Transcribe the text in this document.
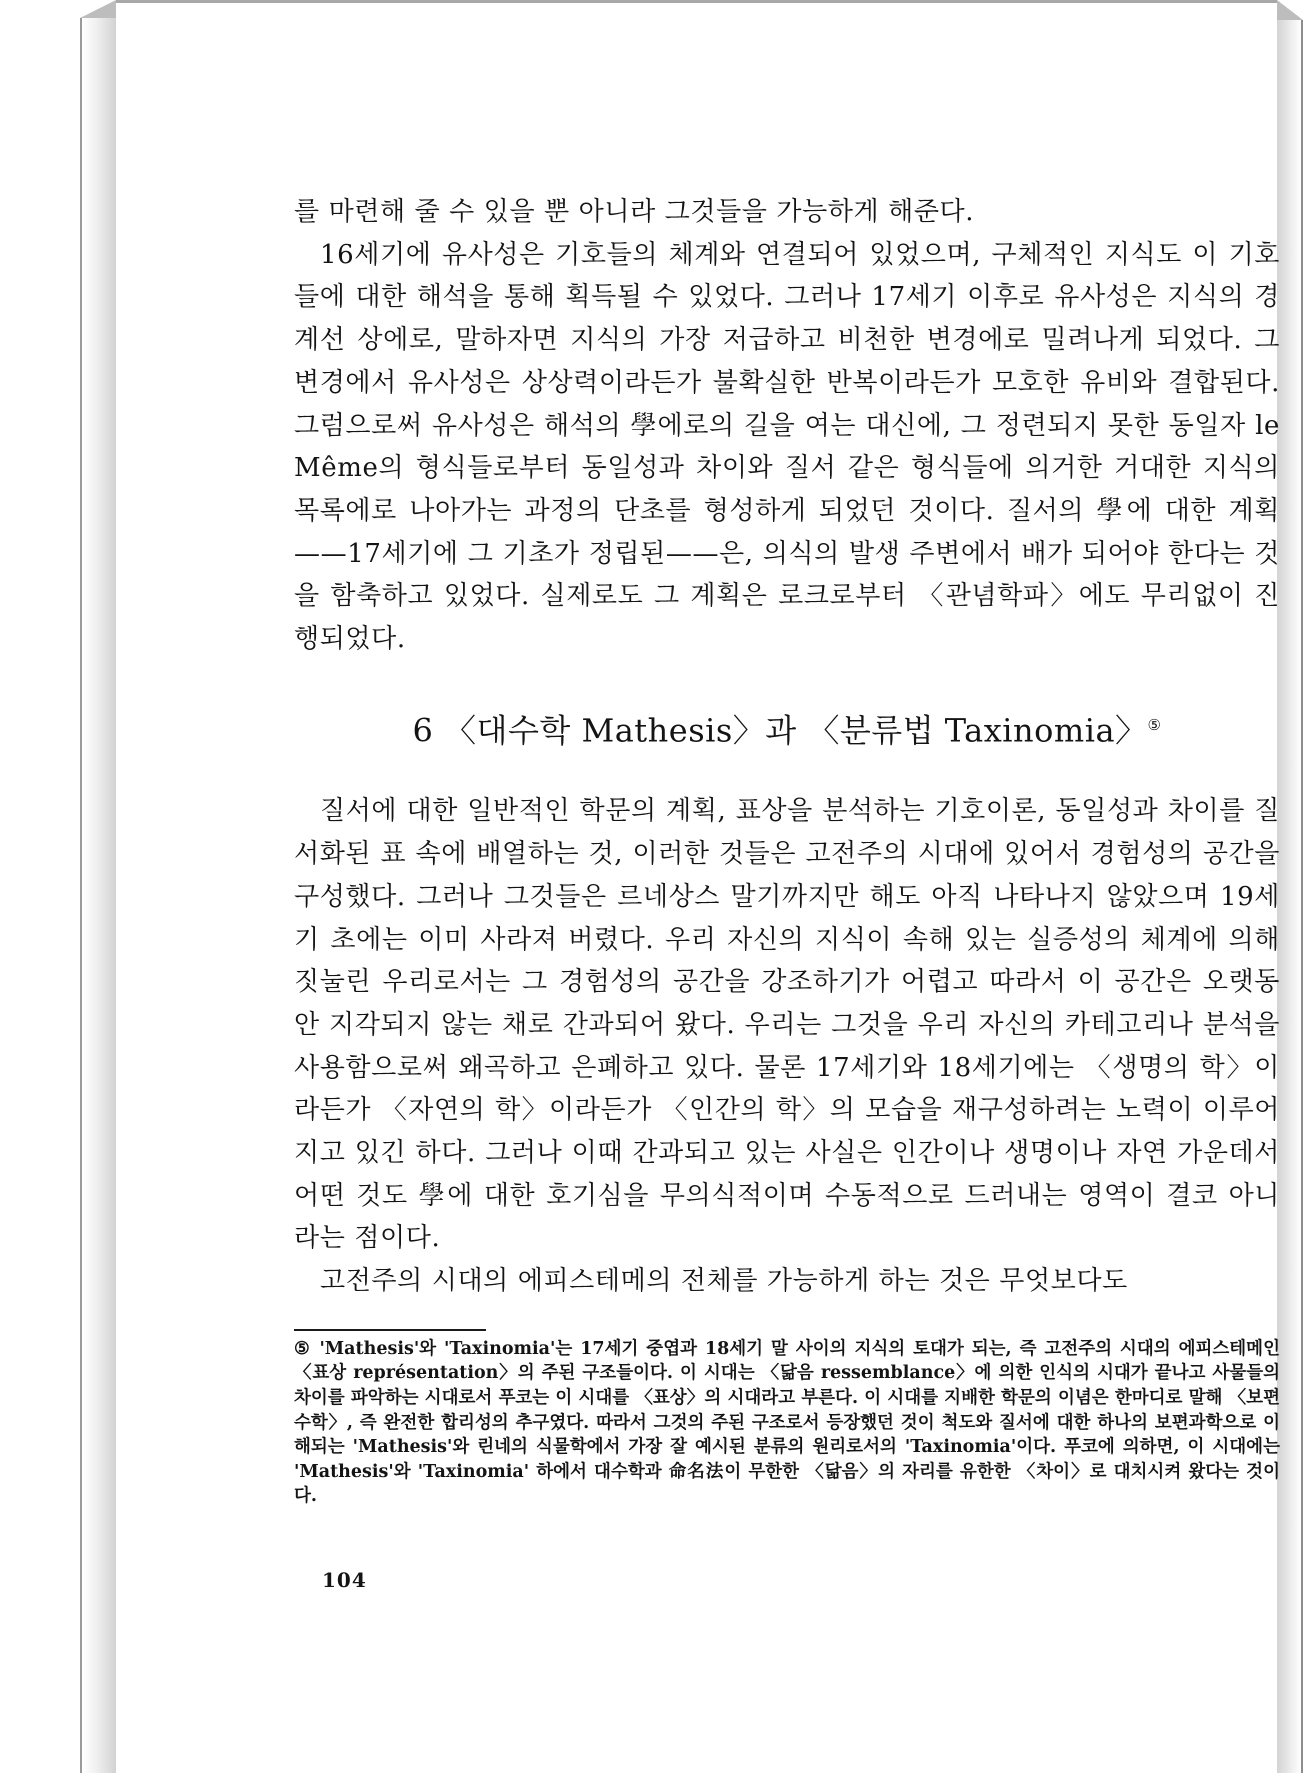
를 마련해 줄 수 있을 뿐 아니라 그것들을 가능하게 해준다.

16세기에 유사성은 기호들의 체계와 연결되어 있었으며, 구체적인 지식도 이 기호들에 대한 해석을 통해 획득될 수 있었다. 그러나 17세기 이후로 유사성은 지식의 경계선 상에로, 말하자면 지식의 가장 저급하고 비천한 변경에로 밀려나게 되었다. 그 변경에서 유사성은 상상력이라든가 불확실한 반복이라든가 모호한 유비와 결합된다. 그럼으로써 유사성은 해석의 學에로의 길을 여는 대신에, 그 정련되지 못한 동일자 le Même의 형식들로부터 동일성과 차이와 질서 같은 형식들에 의거한 거대한 지식의 목록에로 나아가는 과정의 단초를 형성하게 되었던 것이다. 질서의 學에 대한 계획——17세기에 그 기초가 정립된——은, 의식의 발생 주변에서 배가 되어야 한다는 것을 함축하고 있었다. 실제로도 그 계획은 로크로부터 〈관념학파〉에도 무리없이 진행되었다.

6 〈대수학 Mathesis〉과 〈분류법 Taxinomia〉⑤

질서에 대한 일반적인 학문의 계획, 표상을 분석하는 기호이론, 동일성과 차이를 질서화된 표 속에 배열하는 것, 이러한 것들은 고전주의 시대에 있어서 경험성의 공간을 구성했다. 그러나 그것들은 르네상스 말기까지만 해도 아직 나타나지 않았으며 19세기 초에는 이미 사라져 버렸다. 우리 자신의 지식이 속해 있는 실증성의 체계에 의해 짓눌린 우리로서는 그 경험성의 공간을 강조하기가 어렵고 따라서 이 공간은 오랫동안 지각되지 않는 채로 간과되어 왔다. 우리는 그것을 우리 자신의 카테고리나 분석을 사용함으로써 왜곡하고 은폐하고 있다. 물론 17세기와 18세기에는 〈생명의 학〉이라든가 〈자연의 학〉이라든가 〈인간의 학〉의 모습을 재구성하려는 노력이 이루어지고 있긴 하다. 그러나 이때 간과되고 있는 사실은 인간이나 생명이나 자연 가운데서 어떤 것도 學에 대한 호기심을 무의식적이며 수동적으로 드러내는 영역이 결코 아니라는 점이다.

고전주의 시대의 에피스테메의 전체를 가능하게 하는 것은 무엇보다도

⑤ 'Mathesis'와 'Taxinomia'는 17세기 중엽과 18세기 말 사이의 지식의 토대가 되는, 즉 고전주의 시대의 에피스테메인 〈표상 représentation〉의 주된 구조들이다. 이 시대는 〈닮음 ressemblance〉에 의한 인식의 시대가 끝나고 사물들의 차이를 파악하는 시대로서 푸코는 이 시대를 〈표상〉의 시대라고 부른다. 이 시대를 지배한 학문의 이념은 한마디로 말해 〈보편수학〉, 즉 완전한 합리성의 추구였다. 따라서 그것의 주된 구조로서 등장했던 것이 척도와 질서에 대한 하나의 보편과학으로 이해되는 'Mathesis'와 린네의 식물학에서 가장 잘 예시된 분류의 원리로서의 'Taxinomia'이다. 푸코에 의하면, 이 시대에는 'Mathesis'와 'Taxinomia' 하에서 대수학과 命名法이 무한한 〈닮음〉의 자리를 유한한 〈차이〉로 대치시켜 왔다는 것이다.

104
